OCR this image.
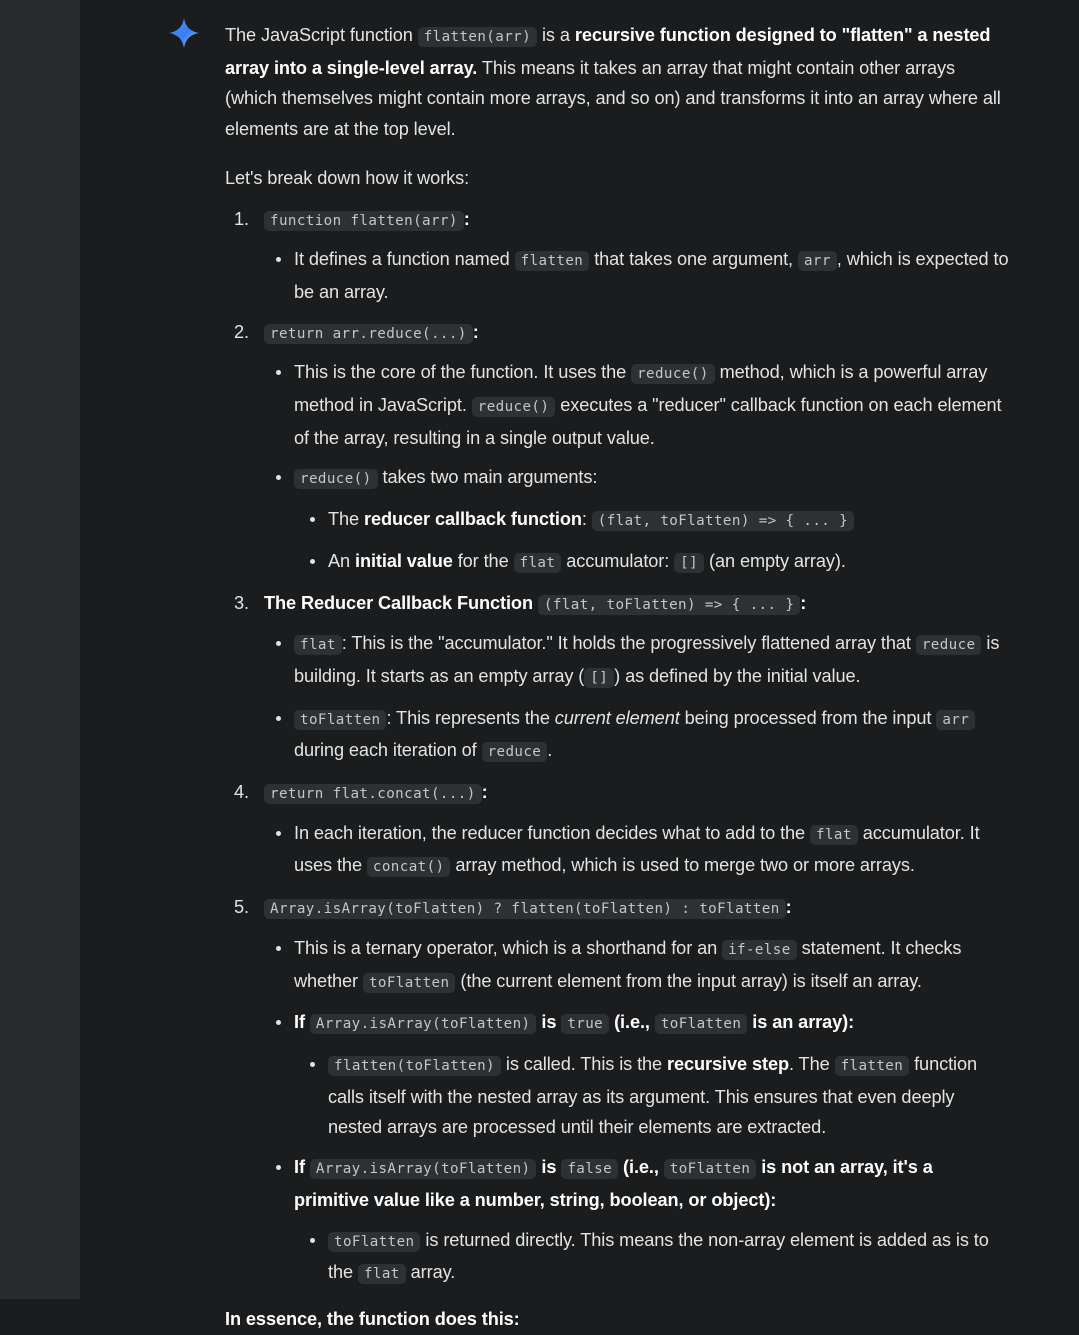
The JavaScript function flatten(arr) is a recursive function designed to "flatten" a nested array into a single-level array. This means it takes an array that might contain other arrays (which themselves might contain more arrays, and so on) and transforms it into an array where all elements are at the top level.

Let's break down how it works:

1.	function flatten(arr) :
It defines a function named flatten that takes one argument, arr , which is expected to be an array.
2.	return arr.reduce(...) :
This is the core of the function. It uses the reduce() method, which is a powerful array method in JavaScript. reduce() executes a "reducer" callback function on each element of the array, resulting in a single output value.
reduce() takes two main arguments:
The reducer callback function: (flat, toFlatten) => { ... }
An initial value for the flat accumulator: [] (an empty array).
3. The Reducer Callback Function (flat, toFlatten) => { ... } :
flat : This is the "accumulator." It holds the progressively flattened array that reduce is building. It starts as an empty array ( [] ) as defined by the initial value.
toFlatten : This represents the current element being processed from the input arr during each iteration of reduce .
4.	return flat.concat(...) :
In each iteration, the reducer function decides what to add to the flat accumulator. It uses the concat() array method, which is used to merge two or more arrays.
5.	Array.isArray(toFlatten) ? flatten(toFlatten) : toFlatten :
This is a ternary operator, which is a shorthand for an if-else statement. It checks whether toFlatten (the current element from the input array) is itself an array.
If Array.isArray(toFlatten) is true (i.e., toFlatten is an array):
flatten(toFlatten) is called. This is the recursive step. The flatten function calls itself with the nested array as its argument. This ensures that even deeply nested arrays are processed until their elements are extracted.
If Array.isArray(toFlatten) is false (i.e., toFlatten is not an array, it's a primitive value like a number, string, boolean, or object):
toFlatten is returned directly. This means the non-array element is added as is to the flat array.

In essence, the function does this:
